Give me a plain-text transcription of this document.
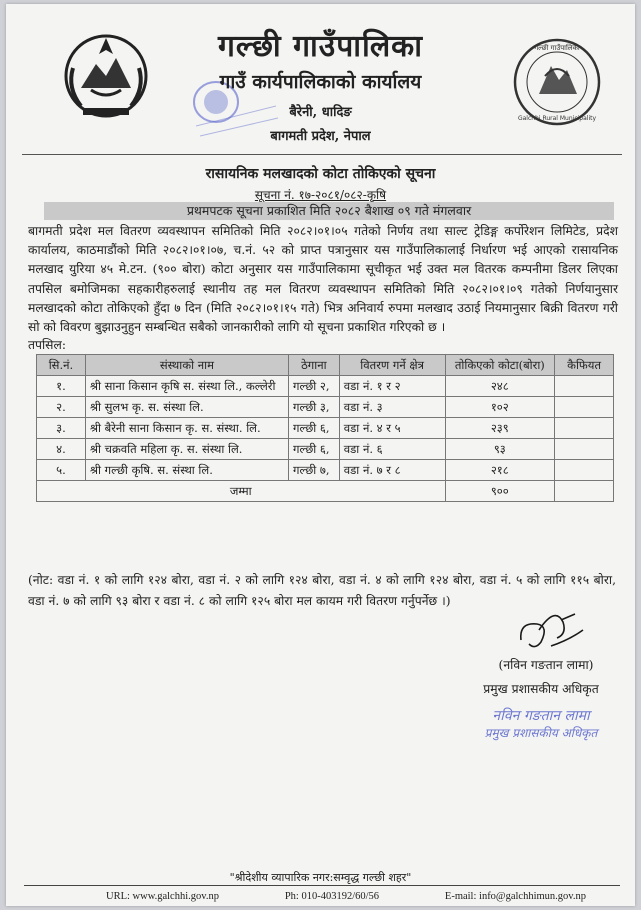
गल्छी गाउँपालिका
Galchhi Rural Municipality
गल्छी गाउँपालिका
गाउँ कार्यपालिकाको कार्यालय
बैरेनी, धादिङ
बागमती प्रदेश, नेपाल
रासायनिक मलखादको कोटा तोकिएको सूचना
सूचना नं. १७-२०८१/०८२-कृषि
प्रथमपटक सूचना प्रकाशित मिति २०८२ बैशाख ०९ गते मंगलवार
बागमती प्रदेश मल वितरण व्यवस्थापन समितिको मिति २०८२।०१।०५ गतेको निर्णय तथा साल्ट ट्रेडिङ्ग कर्पोरेशन लिमिटेड, प्रदेश कार्यालय, काठमाडौंको मिति २०८२।०१।०७, च.नं. ५२ को प्राप्त पत्रानुसार यस गाउँपालिकालाई निर्धारण भई आएको रासायनिक मलखाद युरिया ४५ मे.टन. (९०० बोरा) कोटा अनुसार यस गाउँपालिकामा सूचीकृत भई उक्त मल वितरक कम्पनीमा डिलर लिएका तपसिल बमोजिमका सहकारीहरुलाई स्थानीय तह मल वितरण व्यवस्थापन समितिको मिति २०८२।०१।०९ गतेको निर्णयानुसार मलखादको कोटा तोकिएको हुँदा ७ दिन (मिति २०८२।०१।१५ गते) भित्र अनिवार्य रुपमा मलखाद उठाई नियमानुसार बिक्री वितरण गरी सो को विवरण बुझाउनुहुन सम्बन्धित सबैको जानकारीको लागि यो सूचना प्रकाशित गरिएको छ ।
तपसिल:
सि.नं.	संस्थाको नाम	ठेगाना	वितरण गर्ने क्षेत्र	तोकिएको कोटा(बोरा)	कैफियत
१.	श्री साना किसान कृषि स. संस्था लि., कल्लेरी	गल्छी २,	वडा नं. १ र २	२४८	
२.	श्री सुलभ कृ. स. संस्था लि.	गल्छी ३,	वडा नं. ३	१०२	
३.	श्री बैरेनी साना किसान कृ. स. संस्था. लि.	गल्छी ६,	वडा नं. ४ र ५	२३९	
४.	श्री चक्रवति महिला कृ. स. संस्था लि.	गल्छी ६,	वडा नं. ६	९३	
५.	श्री गल्छी कृषि. स. संस्था लि.	गल्छी ७,	वडा नं. ७ र ८	२१८	
जम्मा				९००	
(नोट: वडा नं. १ को लागि १२४ बोरा, वडा नं. २ को लागि १२४ बोरा, वडा नं. ४ को लागि १२४ बोरा, वडा नं. ५ को लागि ११५ बोरा, वडा नं. ७ को लागि ९३ बोरा र वडा नं. ८ को लागि १२५ बोरा मल कायम गरी वितरण गर्नुपर्नेछ ।)
(नविन गङतान लामा)
प्रमुख प्रशासकीय अधिकृत
नविन गङतान लामा
प्रमुख प्रशासकीय अधिकृत
"श्रीदेशीय व्यापारिक नगर:सम्वृद्ध गल्छी शहर"
URL: www.galchhi.gov.np	Ph: 010-403192/60/56	E-mail: info@galchhimun.gov.np
